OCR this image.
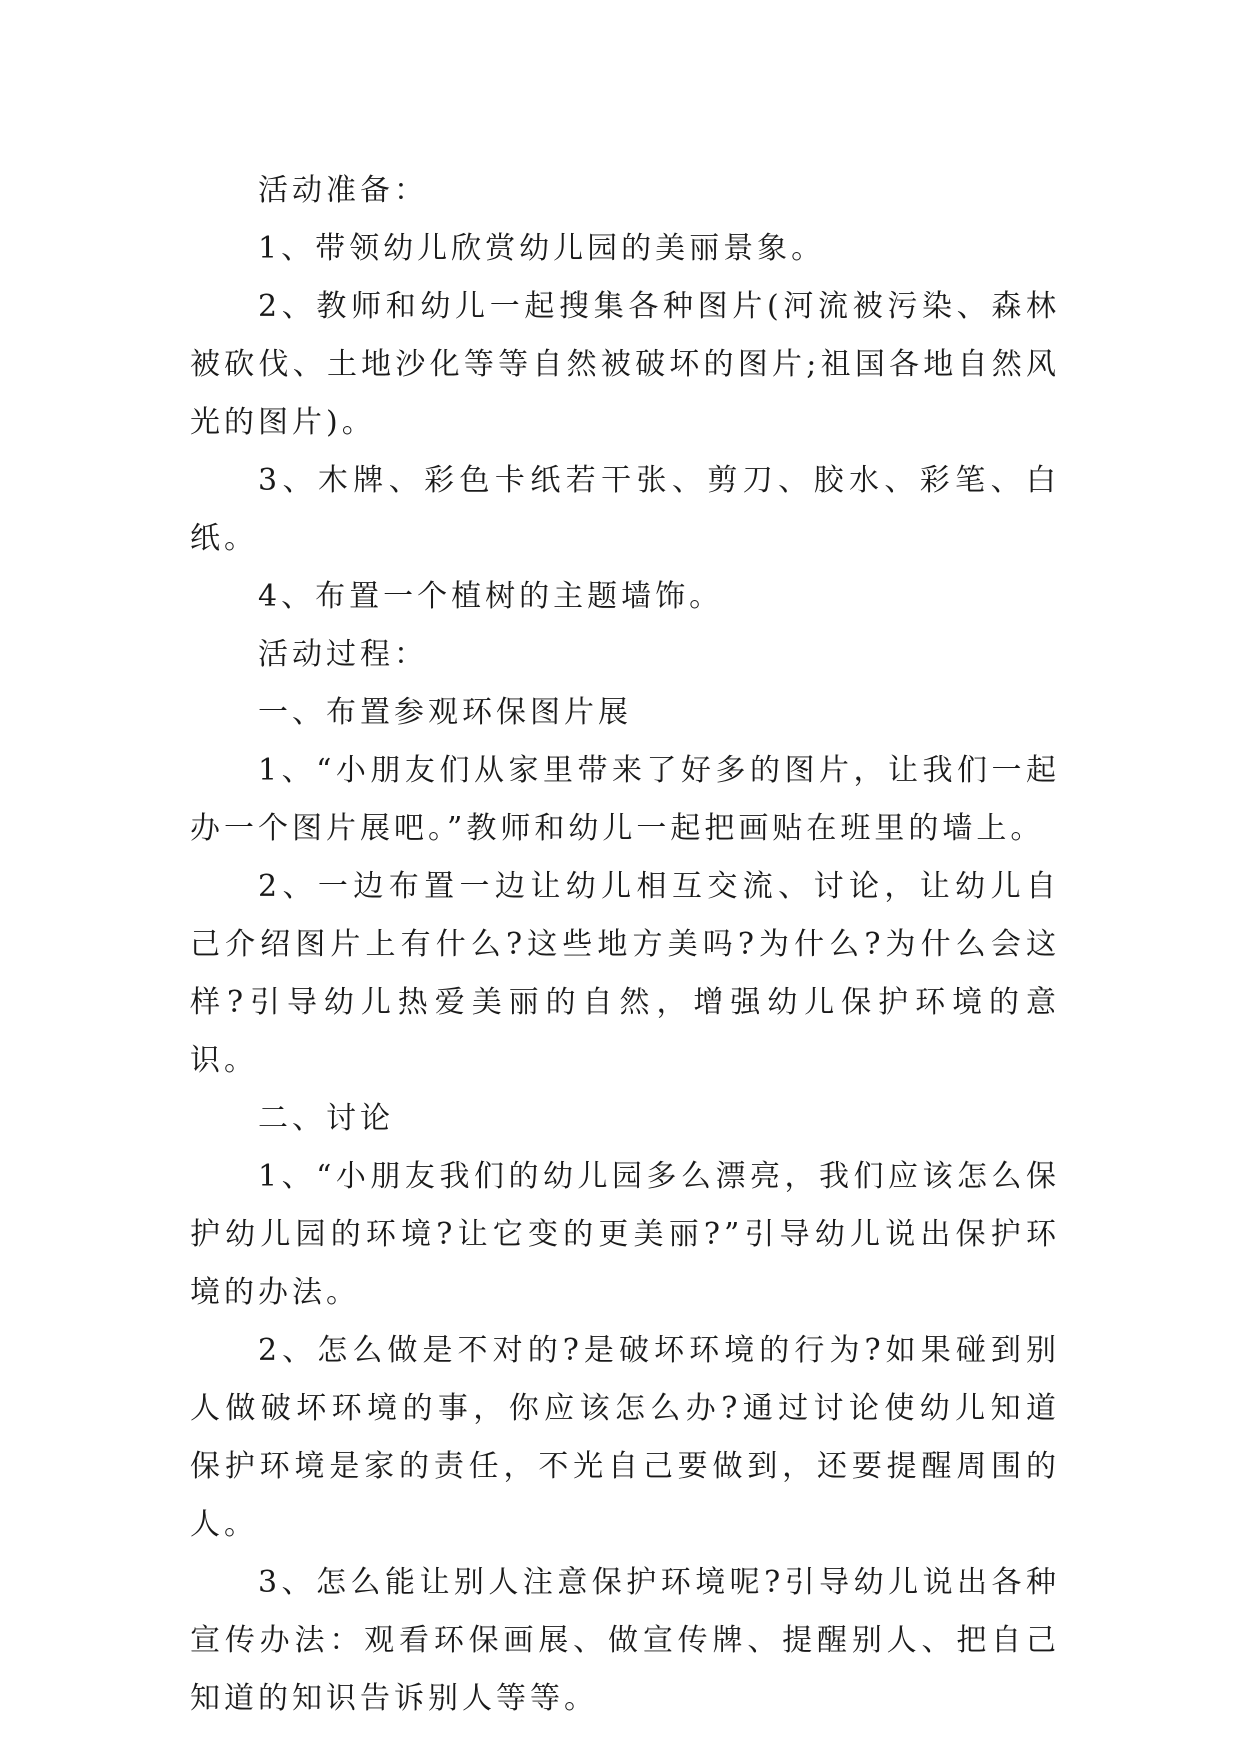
活动准备：

1、带领幼儿欣赏幼儿园的美丽景象。

2、教师和幼儿一起搜集各种图片(河流被污染、森林被砍伐、土地沙化等等自然被破坏的图片;祖国各地自然风光的图片)。

3、木牌、彩色卡纸若干张、剪刀、胶水、彩笔、白纸。

4、布置一个植树的主题墙饰。

活动过程：

一、布置参观环保图片展

1、“小朋友们从家里带来了好多的图片，让我们一起办一个图片展吧。”教师和幼儿一起把画贴在班里的墙上。

2、一边布置一边让幼儿相互交流、讨论，让幼儿自己介绍图片上有什么?这些地方美吗?为什么?为什么会这样?引导幼儿热爱美丽的自然，增强幼儿保护环境的意识。

二、讨论

1、“小朋友我们的幼儿园多么漂亮，我们应该怎么保护幼儿园的环境?让它变的更美丽?”引导幼儿说出保护环境的办法。

2、怎么做是不对的?是破坏环境的行为?如果碰到别人做破坏环境的事，你应该怎么办?通过讨论使幼儿知道保护环境是家的责任，不光自己要做到，还要提醒周围的人。

3、怎么能让别人注意保护环境呢?引导幼儿说出各种宣传办法：观看环保画展、做宣传牌、提醒别人、把自己知道的知识告诉别人等等。
